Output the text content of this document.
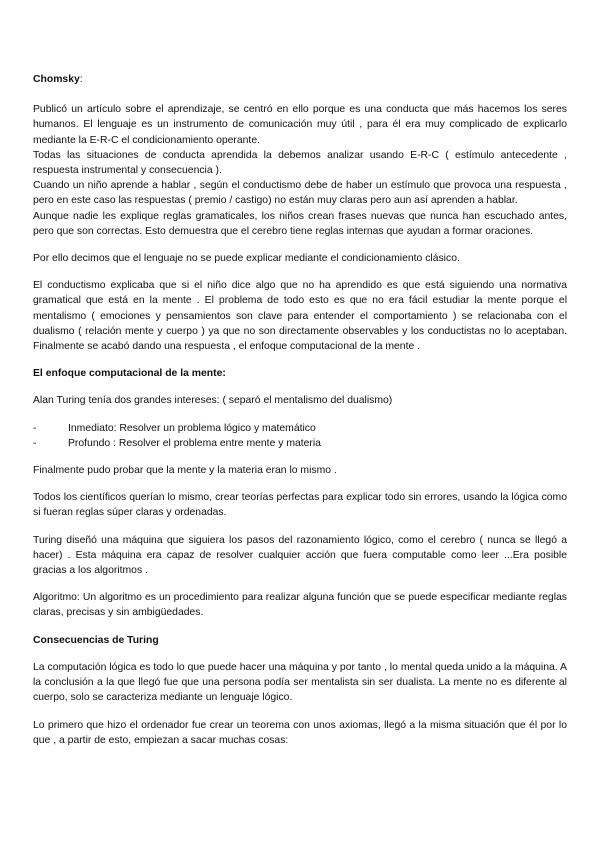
Chomsky:

Publicó un artículo sobre el aprendizaje, se centró en ello porque es una conducta que más hacemos los seres humanos. El lenguaje es un instrumento de comunicación muy útil , para él era muy complicado de explicarlo mediante la E-R-C el condicionamiento operante.

Todas las situaciones de conducta aprendida la debemos analizar usando E-R-C ( estímulo antecedente , respuesta instrumental y consecuencia ).

Cuando un niño aprende a hablar , según el conductismo debe de haber un estímulo que provoca una respuesta , pero en este caso las respuestas ( premio / castigo) no están muy claras pero aun así aprenden a hablar.

Aunque nadie les explique reglas gramaticales, los niños crean frases nuevas que nunca han escuchado antes, pero que son correctas. Esto demuestra que el cerebro tiene reglas internas que ayudan a formar oraciones.

Por ello decimos que el lenguaje no se puede explicar mediante el condicionamiento clásico.

El conductismo explicaba que si el niño dice algo que no ha aprendido es que está siguiendo una normativa gramatical que está en la mente . El problema de todo esto es que no era fácil estudiar la mente porque el mentalismo ( emociones y pensamientos son clave para entender el comportamiento ) se relacionaba con el dualismo ( relación mente y cuerpo ) ya que no son directamente observables y los conductistas no lo aceptaban. Finalmente se acabó dando una respuesta , el enfoque computacional de la mente .

El enfoque computacional de la mente:

Alan Turing tenía dos grandes intereses: ( separó el mentalismo del dualismo)

-	Inmediato: Resolver un problema lógico y matemático
-	Profundo : Resolver el problema entre mente y materia

Finalmente pudo probar que la mente y la materia eran lo mismo .

Todos los científicos querían lo mismo, crear teorías perfectas para explicar todo sin errores, usando la lógica como si fueran reglas súper claras y ordenadas.

Turing diseñó una máquina que siguiera los pasos del razonamiento lógico, como el cerebro ( nunca se llegó a hacer) . Esta máquina era capaz de resolver cualquier acción que fuera computable como leer ...Era posible gracias a los algoritmos .

Algoritmo: Un algoritmo es un procedimiento para realizar alguna función que se puede especificar mediante reglas claras, precisas y sin ambigüedades.

Consecuencias de Turing

La computación lógica es todo lo que puede hacer una máquina y por tanto , lo mental queda unido a la máquina. A la conclusión a la que llegó fue que una persona podía ser mentalista sin ser dualista. La mente no es diferente al cuerpo, solo se caracteriza mediante un lenguaje lógico.

Lo primero que hizo el ordenador fue crear un teorema con unos axiomas, llegó a la misma situación que él por lo que , a partir de esto, empiezan a sacar muchas cosas:
